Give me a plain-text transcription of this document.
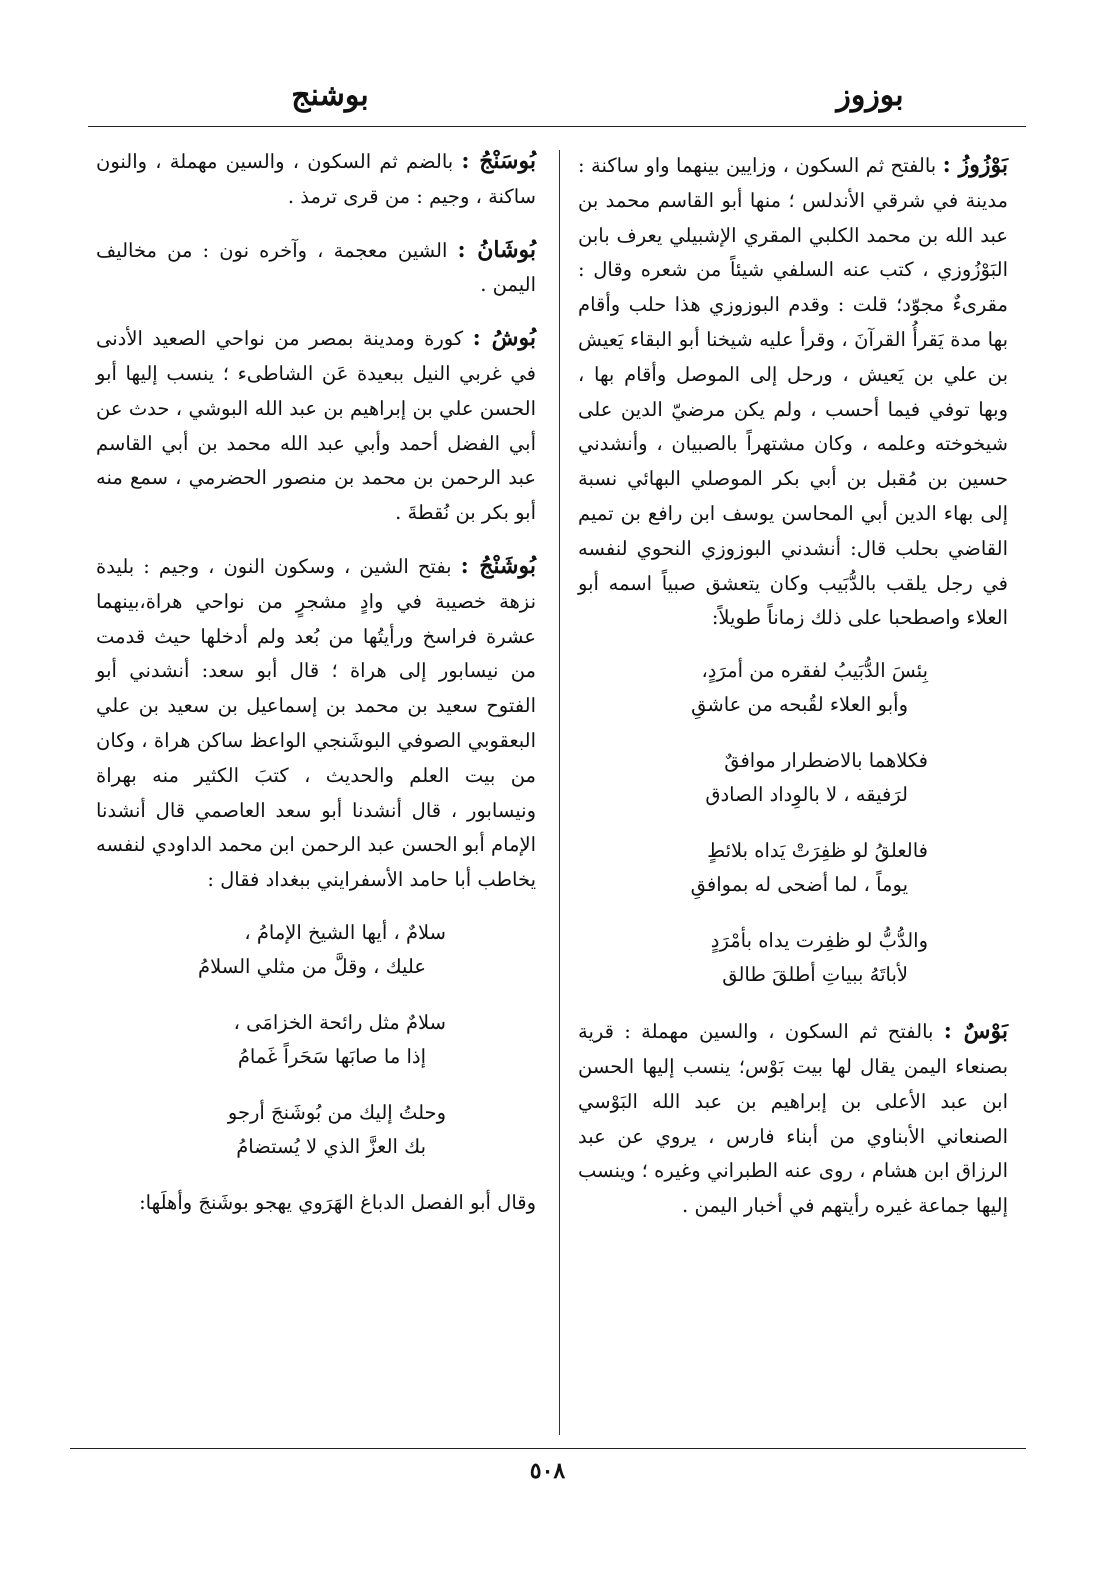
بوزوز
بوشنج

بَوْزُوزُ : بالفتح ثم السكون ، وزايين بينهما واو ساكنة : مدينة في شرقي الأندلس ؛ منها أبو القاسم محمد بن عبد الله بن محمد الكلبي المقري الإشبيلي يعرف بابن البَوْزُوزي ، كتب عنه السلفي شيئاً من شعره وقال : مقرىءٌ مجوّد؛ قلت : وقدم البوزوزي هذا حلب وأقام بها مدة يَقرأُ القرآنَ ، وقرأ عليه شيخنا أبو البقاء يَعيش بن علي بن يَعيش ، ورحل إلى الموصل وأقام بها ، وبها توفي فيما أحسب ، ولم يكن مرضيّ الدين على شيخوخته وعلمه ، وكان مشتهراً بالصبيان ، وأنشدني حسين بن مُقبل بن أبي بكر الموصلي البهائي نسبة إلى بهاء الدين أبي المحاسن يوسف ابن رافع بن تميم القاضي بحلب قال: أنشدني البوزوزي النحوي لنفسه في رجل يلقب بالدُّبَيب وكان يتعشق صبياً اسمه أبو العلاء واصطحبا على ذلك زماناً طويلاً:

بِئسَ الدُّبَيبُ لفقره من أمرَدٍ،
وأبو العلاء لقُبحه من عاشقِ
فكلاهما بالاضطرار موافقٌ
لرَفيقه ، لا بالوِداد الصادق
فالعلقُ لو ظفِرَتْ يَداه بلائطٍ
يوماً ، لما أضحى له بموافقِ
والدُّبُّ لو ظفِرت يداه بأمْرَدٍ
لأباتَهُ ببياتِ أطلقَ طالق

بَوْسٌ : بالفتح ثم السكون ، والسين مهملة : قرية بصنعاء اليمن يقال لها بيت بَوْس؛ ينسب إليها الحسن ابن عبد الأعلى بن إبراهيم بن عبد الله البَوْسي الصنعاني الأبناوي من أبناء فارس ، يروي عن عبد الرزاق ابن هشام ، روى عنه الطبراني وغيره ؛ وينسب إليها جماعة غيره رأيتهم في أخبار اليمن .

بُوسَنْجُ : بالضم ثم السكون ، والسين مهملة ، والنون ساكنة ، وجيم : من قرى ترمذ .

بُوشَانُ : الشين معجمة ، وآخره نون : من مخاليف اليمن .

بُوشُ : كورة ومدينة بمصر من نواحي الصعيد الأدنى في غربي النيل ببعيدة عَن الشاطىء ؛ ينسب إليها أبو الحسن علي بن إبراهيم بن عبد الله البوشي ، حدث عن أبي الفضل أحمد وأبي عبد الله محمد بن أبي القاسم عبد الرحمن بن محمد بن منصور الحضرمي ، سمع منه أبو بكر بن نُقطةَ .

بُوشَنْجُ : بفتح الشين ، وسكون النون ، وجيم : بليدة نزهة خصيبة في وادٍ مشجرٍ من نواحي هراة،بينهما عشرة فراسخ ورأيتُها من بُعد ولم أدخلها حيث قدمت من نيسابور إلى هراة ؛ قال أبو سعد: أنشدني أبو الفتوح سعيد بن محمد بن إسماعيل بن سعيد بن علي البعقوبي الصوفي البوشَنجي الواعظ ساكن هراة ، وكان من بيت العلم والحديث ، كتبَ الكثير منه بهراة ونيسابور ، قال أنشدنا أبو سعد العاصمي قال أنشدنا الإمام أبو الحسن عبد الرحمن ابن محمد الداودي لنفسه يخاطب أبا حامد الأسفرايني ببغداد فقال :

سلامٌ ، أيها الشيخ الإمامُ ،
عليك ، وقلَّ من مثلي السلامُ
سلامٌ مثل رائحة الخزامَى ،
إذا ما صابَها سَحَراً غَمامُ
وحلتُ إليك من بُوشَنجَ أرجو
بك العزَّ الذي لا يُستضامُ

وقال أبو الفصل الدباغ الهَرَوي يهجو بوشَنجَ وأهلَها:

٥٠٨
